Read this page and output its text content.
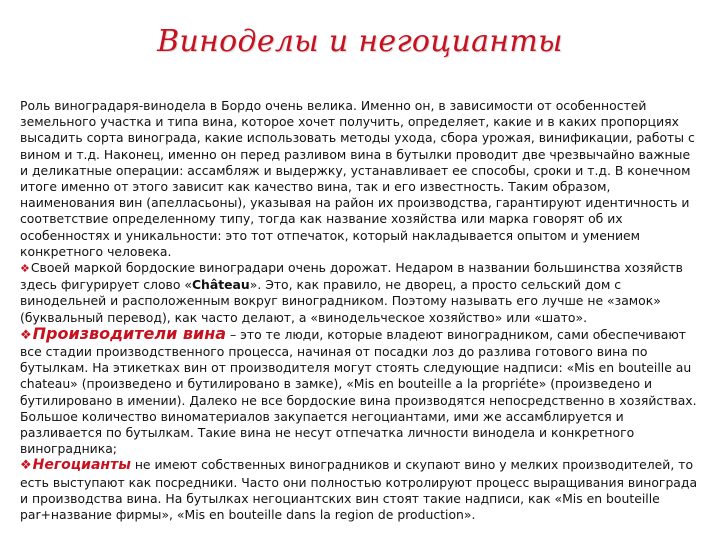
Виноделы и негоцианты

Роль виноградаря-винодела в Бордо очень велика. Именно он, в зависимости от особенностей земельного участка и типа вина, которое хочет получить, определяет, какие и в каких пропорциях высадить сорта винограда, какие использовать методы ухода, сбора урожая, винификации, работы с вином и т.д. Наконец, именно он перед разливом вина в бутылки проводит две чрезвычайно важные и деликатные операции: ассамбляж и выдержку, устанавливает ее способы, сроки и т.д. В конечном итоге именно от этого зависит как качество вина, так и его известность. Таким образом, наименования вин (апелласьоны), указывая на район их производства, гарантируют идентичность и соответствие определенному типу, тогда как название хозяйства или марка говорят об их особенностях и уникальности: это тот отпечаток, который накладывается опытом и умением конкретного человека.

❖Своей маркой бордоские виноградари очень дорожат. Недаром в названии большинства хозяйств здесь фигурирует слово «Château». Это, как правило, не дворец, а просто сельский дом с винодельней и расположенным вокруг виноградником. Поэтому называть его лучше не «замок» (буквальный перевод), как часто делают, а «винодельческое хозяйство» или «шато».

❖Производители вина – это те люди, которые владеют виноградником, сами обеспечивают все стадии производственного процесса, начиная от посадки лоз до разлива готового вина по бутылкам. На этикетках вин от производителя могут стоять следующие надписи: «Mis en bouteille au chateau» (произведено и бутилировано в замке), «Mis en bouteille a la propriéte» (произведено и бутилировано в имении). Далеко не все бордоские вина производятся непосредственно в хозяйствах. Большое количество виноматериалов закупается негоциантами, ими же ассамблируется и разливается по бутылкам. Такие вина не несут отпечатка личности винодела и конкретного виноградника;

❖Негоцианты не имеют собственных виноградников и скупают вино у мелких производителей, то есть выступают как посредники. Часто они полностью котролируют процесс выращивания винограда и производства вина. На бутылках негоциантских вин стоят такие надписи, как «Mis en bouteille par+название фирмы», «Mis en bouteille dans la region de production».
